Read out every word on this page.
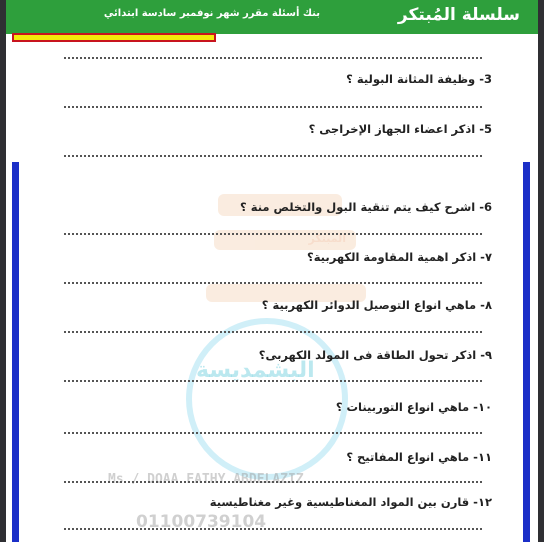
بنك أسئلة مقرر شهر نوفمبر سادسة ابتدائي	سلسلة المُبتكر
المبتكر
البشمديسة
Ms / DOAA FATHY ABDELAZIZ
01100739104
3- وظيفة المثانة البولية ؟
5- اذكر اعضاء الجهاز الإخراجى ؟
6- اشرح كيف يتم تنقية البول والتخلص منة ؟
٧- اذكر اهمية المقاومة الكهربية؟
٨- ماهي انواع التوصيل الدوائر الكهربية ؟
٩- اذكر تحول الطاقة فى المولد الكهربى؟
١٠- ماهي انواع التوربينات ؟
١١- ماهي انواع المفاتيح ؟
١٢- قارن بين المواد المغناطيسية وغير مغناطيسية
